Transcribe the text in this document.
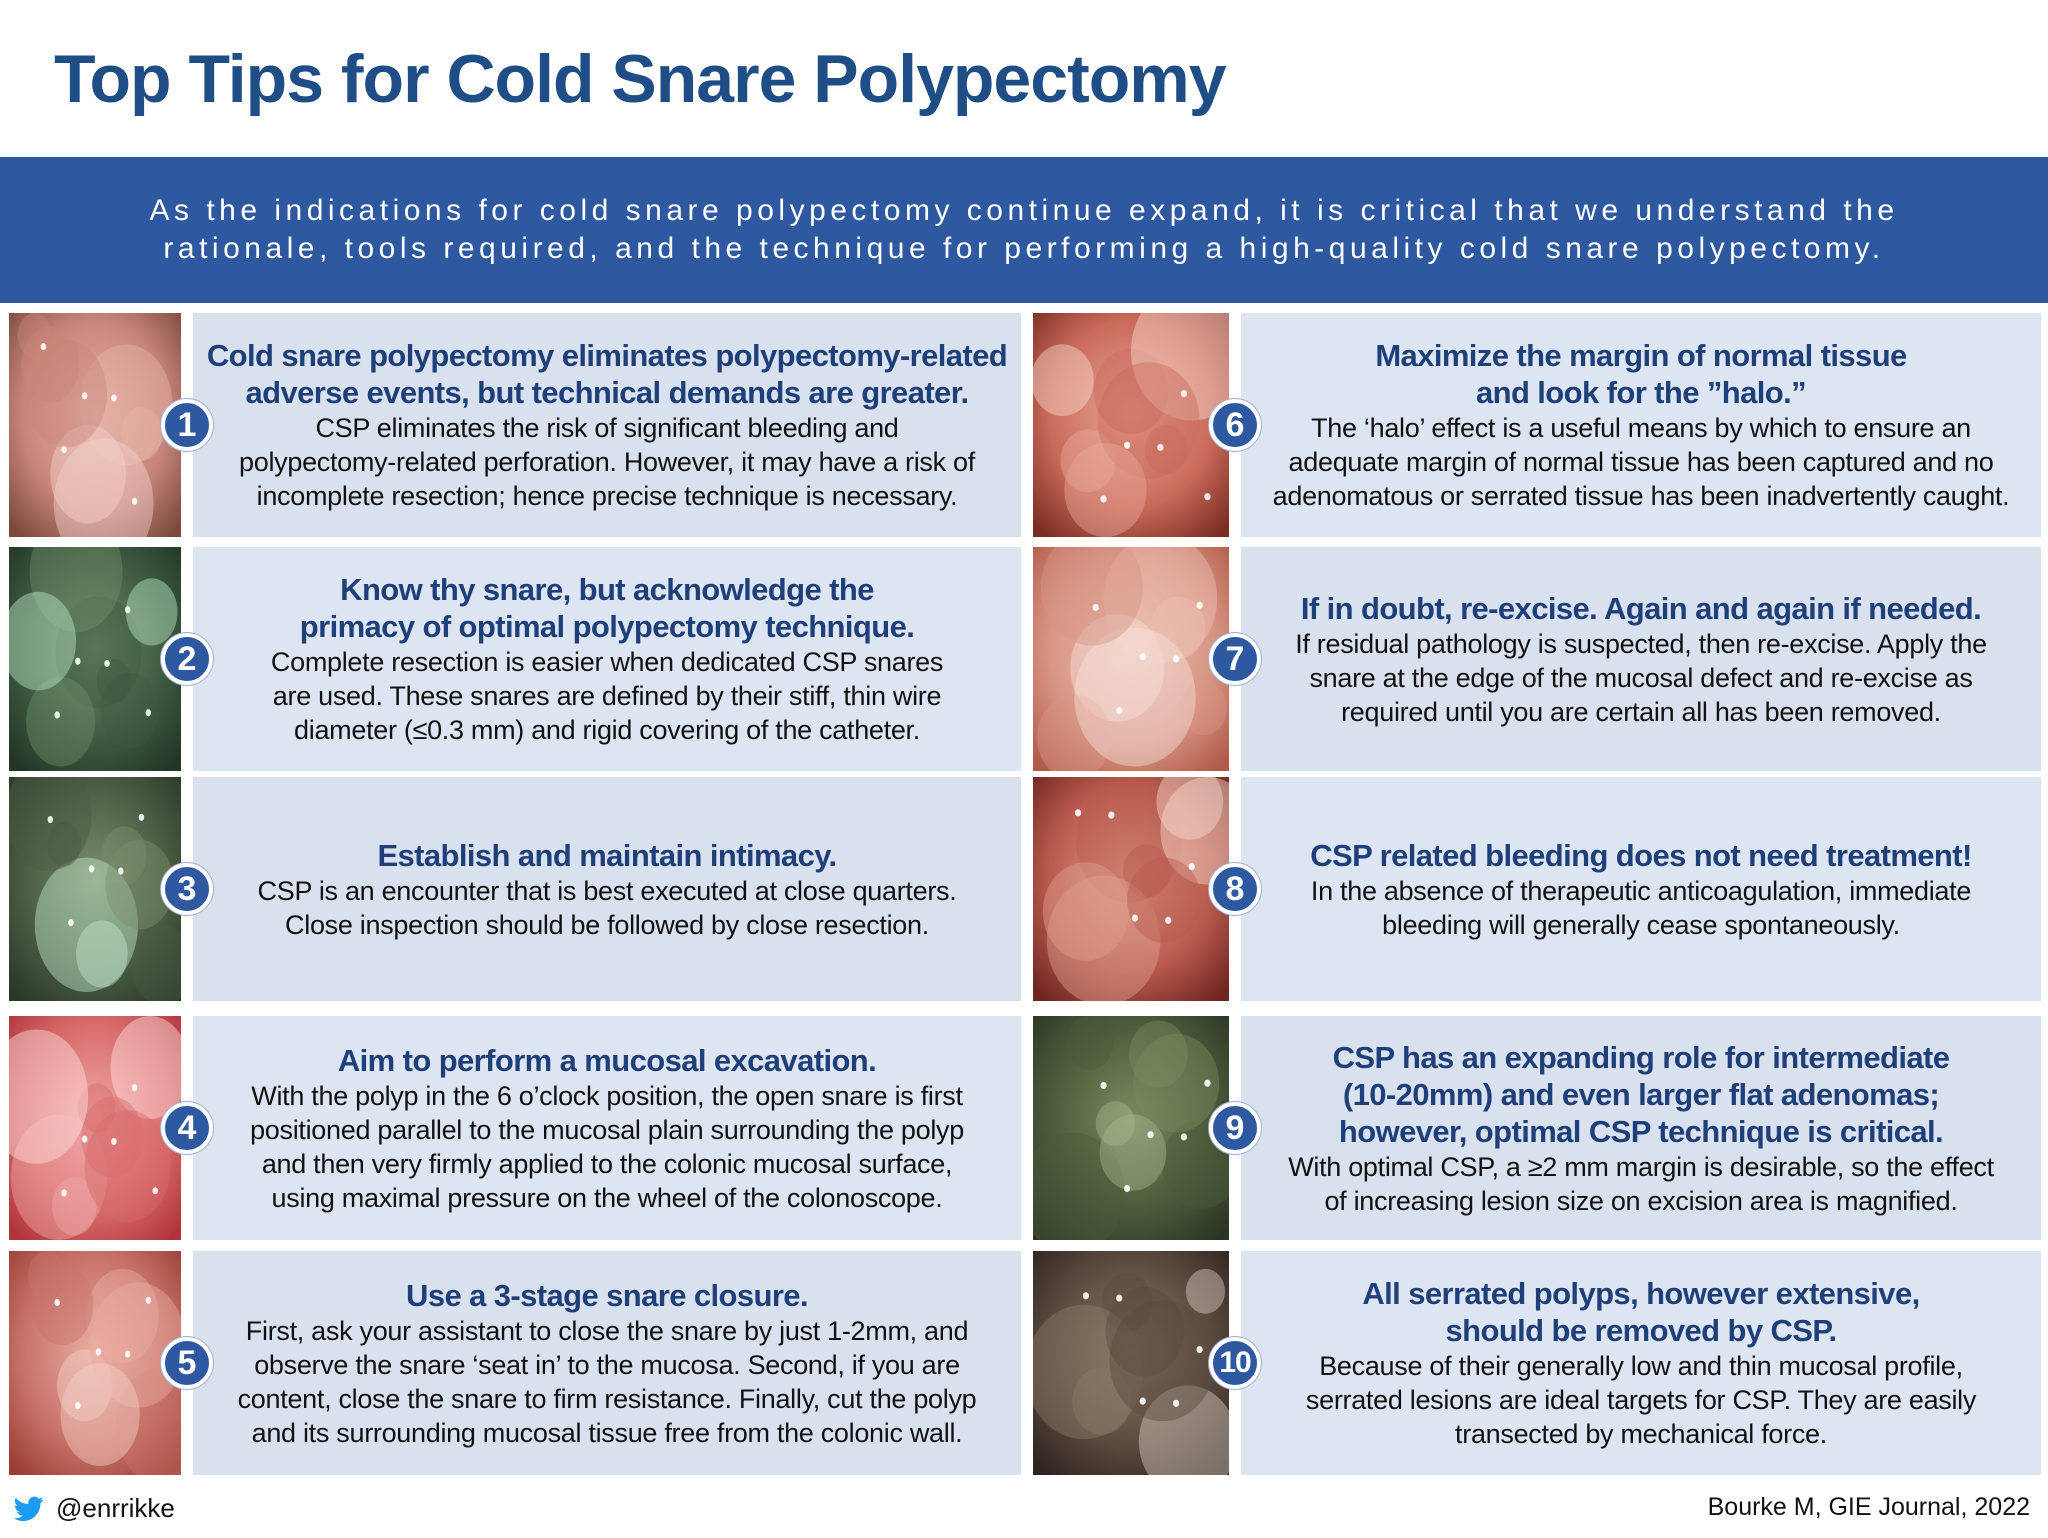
Top Tips for Cold Snare Polypectomy
As the indications for cold snare polypectomy continue expand, it is critical that we understand the
rationale, tools required, and the technique for performing a high-quality cold snare polypectomy.
Cold snare polypectomy eliminates polypectomy-related
adverse events, but technical demands are greater.
CSP eliminates the risk of significant bleeding and
polypectomy-related perforation. However, it may have a risk of
incomplete resection; hence precise technique is necessary.
1
Know thy snare, but acknowledge the
primacy of optimal polypectomy technique.
Complete resection is easier when dedicated CSP snares
are used. These snares are defined by their stiff, thin wire
diameter (≤0.3 mm) and rigid covering of the catheter.
2
Establish and maintain intimacy.
CSP is an encounter that is best executed at close quarters.
Close inspection should be followed by close resection.
3
Aim to perform a mucosal excavation.
With the polyp in the 6 o’clock position, the open snare is first
positioned parallel to the mucosal plain surrounding the polyp
and then very firmly applied to the colonic mucosal surface,
using maximal pressure on the wheel of the colonoscope.
4
Use a 3-stage snare closure.
First, ask your assistant to close the snare by just 1-2mm, and
observe the snare ‘seat in’ to the mucosa. Second, if you are
content, close the snare to firm resistance. Finally, cut the polyp
and its surrounding mucosal tissue free from the colonic wall.
5
Maximize the margin of normal tissue
and look for the ”halo.”
The ‘halo’ effect is a useful means by which to ensure an
adequate margin of normal tissue has been captured and no
adenomatous or serrated tissue has been inadvertently caught.
6
If in doubt, re-excise. Again and again if needed.
If residual pathology is suspected, then re-excise. Apply the
snare at the edge of the mucosal defect and re-excise as
required until you are certain all has been removed.
7
CSP related bleeding does not need treatment!
In the absence of therapeutic anticoagulation, immediate
bleeding will generally cease spontaneously.
8
CSP has an expanding role for intermediate
(10-20mm) and even larger flat adenomas;
however, optimal CSP technique is critical.
With optimal CSP, a ≥2 mm margin is desirable, so the effect
of increasing lesion size on excision area is magnified.
9
All serrated polyps, however extensive,
should be removed by CSP.
Because of their generally low and thin mucosal profile,
serrated lesions are ideal targets for CSP. They are easily
transected by mechanical force.
10
@enrrikke	Bourke M, GIE Journal, 2022
